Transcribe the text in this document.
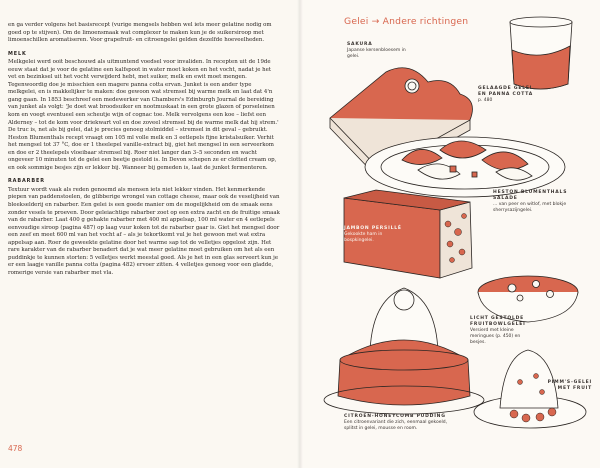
en ga verder volgens het basisrecept (vurige mengsels hebben wel iets meer gelatine nodig om goed op te stijven). Om de limoensmaak wat complexer te maken kun je de suikersiroop met limoenschillen aromatiseren. Voor grapefruit- en citroengelei gelden dezelfde hoeveelheden.

MELK

Melkgelei werd ooit beschouwd als uitmuntend voedsel voor invaliden. In recepten uit de 19de eeuw staat dat je voor de gelatine een kalfspoot in water moet koken en het vocht, nadat je het vet en bezinksel uit het vocht verwijderd hebt, met suiker, melk en ewit moet mengen. Tegenwoordig doe je misschien een magere panna cotta ervan. Junket is een ander type melkgelei, en is makkelijker te maken: doe gewoon wat stremsel bij warme melk en laat dat 4'n gang gaan. In 1853 beschreef een medewerker van Chambers's Edinburgh Journal de bereiding van junket als volgt: 'Je doet wat broodsuiker en nootmuskaat in een grote glazen of porseleinen kom en voegt eventueel een scheutje wijn of cognac toe. Melk vervolgens een koe – liefst een Alderney – tot de kom voor driekwart vol en doe zoveel stremsel bij de warme melk dat hij strem.' De truc is, net als bij gelei, dat je precies genoeg stolmiddel – stremsel in dit geval – gebruikt. Heston Blumenthals recept vraagt om 105 ml volle melk en 3 eetlepels fijne kristalsuiker. Verhit het mengsel tot 37 °C, doe er 1 theelepel vanille-extract bij, giet het mengsel in een serveerkom en doe er 2 theelepels vloeibaar stremsel bij. Roer niet langer dan 3–5 seconden en wacht ongeveer 10 minuten tot de gelei een beetje gestold is. In Devon schepen ze er clotted cream op, en ook sommige besjes zijn er lekker bij. Wanneer bij gemeden is, laat de junket fermenteren.

RABARBER

Textuur wordt vaak als reden genoemd als mensen iets niet lekker vinden. Het kenmerkende piepen van paddenstoelen, de glibberige wrongel van cottage cheese, maar ook de veselijheid van bleekselderij en rabarber. Een gelei is een goede manier om de mogelijkheid om de smaak eens zonder vesels te proeven. Door geleiachtige rabarber zoet op een extra zacht en de fruitige smaak van de rabarber. Laat 400 g gehakte rabarber met 400 ml appelsap, 100 ml water en 4 eetlepels eenvoudige siroop (pagina 487) op laag vuur koken tot de rabarber gaar is. Giet het mengsel door een zeef en meet 600 ml van het vocht af – als je tekortkomt vul je het gewoon met wat extra appelsap aan. Roer de geweekte gelatine door het warme sap tot de velletjes opgelost zijn. Het rare karakter van de rabarber benadert dat je wat meer gelatine moet gebruiken om het als een puddinkje te kunnen storten: 5 velletjes werkt meestal goed. Als je het in een glas serveert kun je er een laagje vanille panna cotta (pagina 482) ervoer zitten. 4 velletjes genoeg voor een gladde, romerige versie van rabarber met vla.

478
Gelei → Andere richtingen
SAKURA
Japanse kersenbloesem in gelei.
GELAAGDE GELEI EN PANNA COTTA
p. 480
HESTON BLUMENTHALS SALADE
... van peer en witlof, met blokje sherrysazijngelei.
JAMBON PERSILLÉ
Gekookte ham in bospkingelei.
LICHT GESTOLDE FRUITBOWLGELEI
Versierd met kleine meringues (p. 450) en besjes.
PIMM'S-GELEI MET FRUIT
CITROEN-HONEYCOMB PUDDING
Een citroenvariant die zich, eenmaal gekoeld, splitst in gelei, mousse en room.
